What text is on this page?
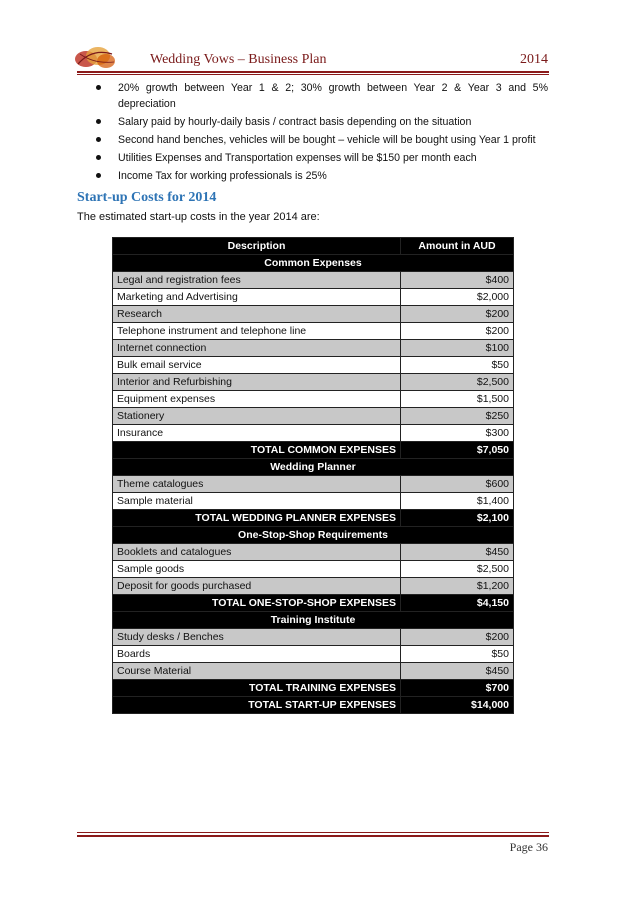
Wedding Vows – Business Plan	2014
20% growth between Year 1 & 2; 30% growth between Year 2 & Year 3 and 5% depreciation
Salary paid by hourly-daily basis / contract basis depending on the situation
Second hand benches, vehicles will be bought – vehicle will be bought using Year 1 profit
Utilities Expenses and Transportation expenses will be $150 per month each
Income Tax for working professionals is 25%
Start-up Costs for 2014
The estimated start-up costs in the year 2014 are:
Description	Amount in AUD
Common Expenses	
Legal and registration fees	$400
Marketing and Advertising	$2,000
Research	$200
Telephone instrument and telephone line	$200
Internet connection	$100
Bulk email service	$50
Interior and Refurbishing	$2,500
Equipment expenses	$1,500
Stationery	$250
Insurance	$300
TOTAL COMMON EXPENSES	$7,050
Wedding Planner	
Theme catalogues	$600
Sample material	$1,400
TOTAL WEDDING PLANNER EXPENSES	$2,100
One-Stop-Shop Requirements	
Booklets and catalogues	$450
Sample goods	$2,500
Deposit for goods purchased	$1,200
TOTAL ONE-STOP-SHOP EXPENSES	$4,150
Training Institute	
Study desks / Benches	$200
Boards	$50
Course Material	$450
TOTAL TRAINING EXPENSES	$700
TOTAL START-UP EXPENSES	$14,000
Page 36
